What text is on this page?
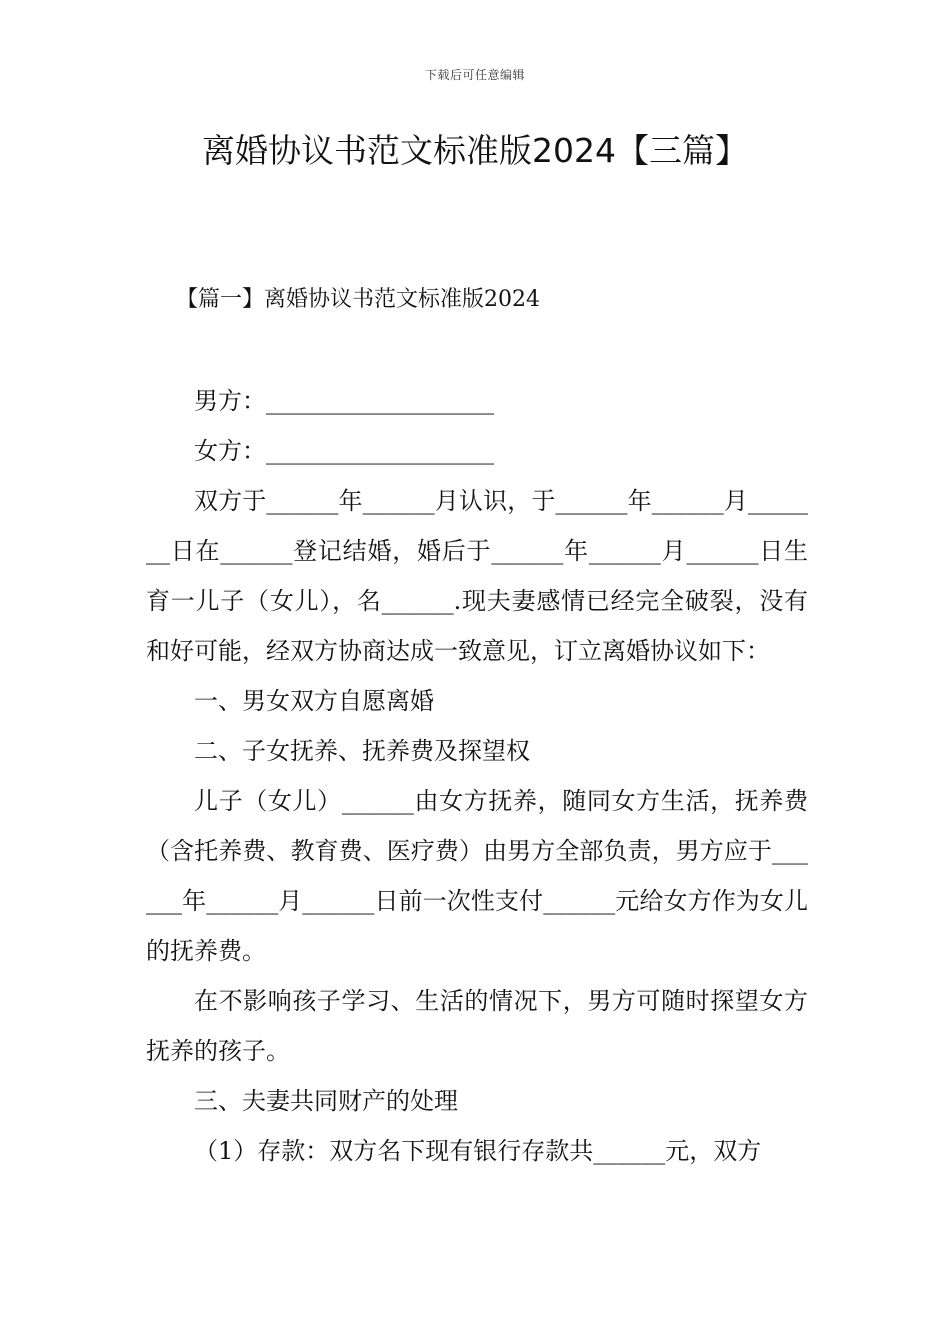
下载后可任意编辑
离婚协议书范文标准版2024【三篇】
【篇一】离婚协议书范文标准版2024

男方：___________________

女方：___________________

双方于______年______月认识，于______年______月_______日在______登记结婚，婚后于______年______月______日生育一儿子（女儿），名______.现夫妻感情已经完全破裂，没有和好可能，经双方协商达成一致意见，订立离婚协议如下：

一、男女双方自愿离婚

二、子女抚养、抚养费及探望权

儿子（女儿）______由女方抚养，随同女方生活，抚养费（含托养费、教育费、医疗费）由男方全部负责，男方应于______年______月______日前一次性支付______元给女方作为女儿的抚养费。

在不影响孩子学习、生活的情况下，男方可随时探望女方抚养的孩子。

三、夫妻共同财产的处理

（1）存款：双方名下现有银行存款共______元，双方
